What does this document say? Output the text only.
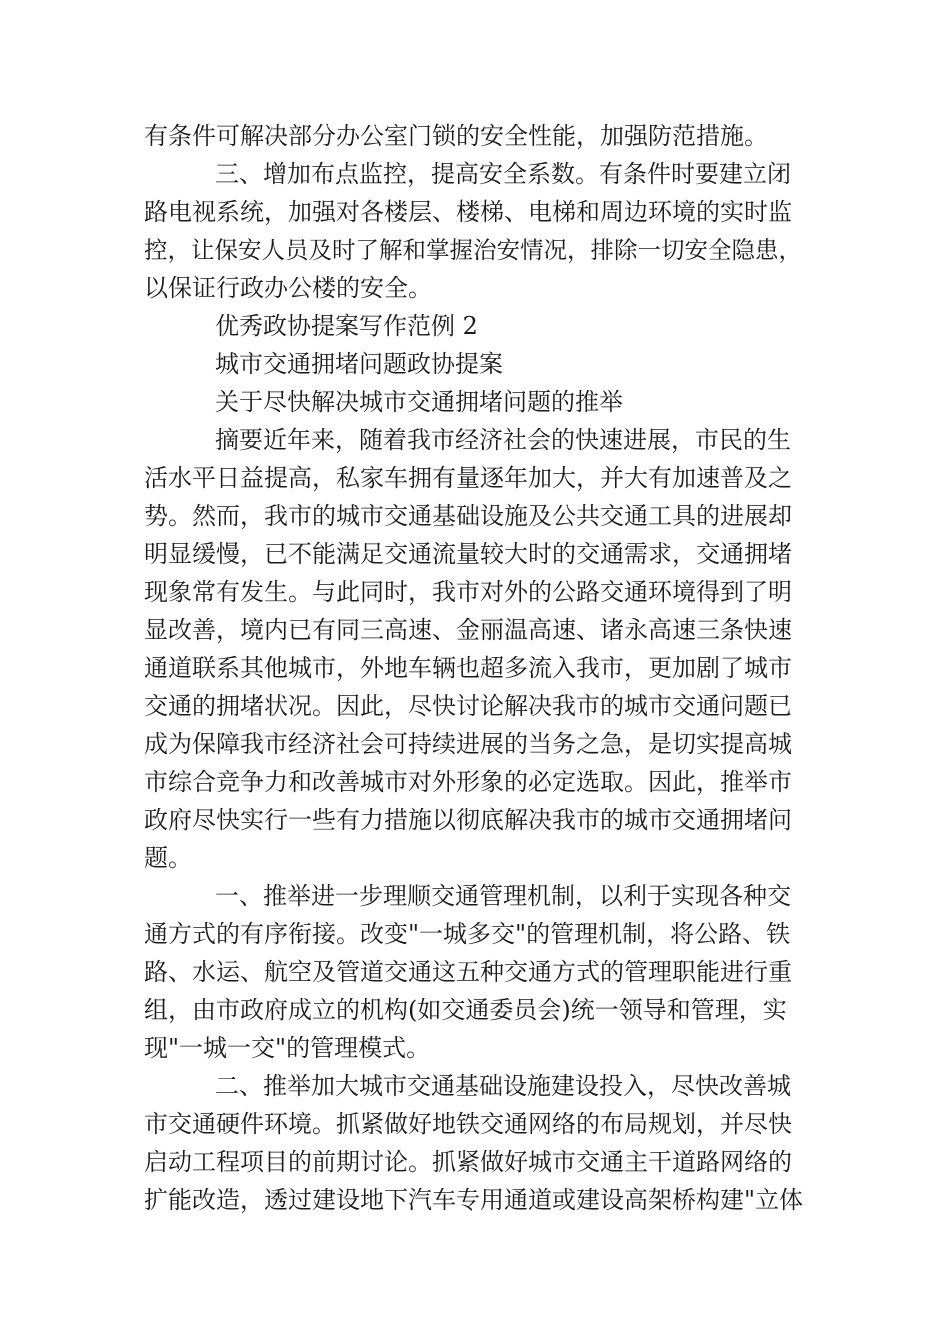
有条件可解决部分办公室门锁的安全性能，加强防范措施。
三、增加布点监控，提高安全系数。有条件时要建立闭
路电视系统，加强对各楼层、楼梯、电梯和周边环境的实时监
控，让保安人员及时了解和掌握治安情况，排除一切安全隐患，
以保证行政办公楼的安全。
优秀政协提案写作范例 2
城市交通拥堵问题政协提案
关于尽快解决城市交通拥堵问题的推举
摘要近年来，随着我市经济社会的快速进展，市民的生
活水平日益提高，私家车拥有量逐年加大，并大有加速普及之
势。然而，我市的城市交通基础设施及公共交通工具的进展却
明显缓慢，已不能满足交通流量较大时的交通需求，交通拥堵
现象常有发生。与此同时，我市对外的公路交通环境得到了明
显改善，境内已有同三高速、金丽温高速、诸永高速三条快速
通道联系其他城市，外地车辆也超多流入我市，更加剧了城市
交通的拥堵状况。因此，尽快讨论解决我市的城市交通问题已
成为保障我市经济社会可持续进展的当务之急，是切实提高城
市综合竞争力和改善城市对外形象的必定选取。因此，推举市
政府尽快实行一些有力措施以彻底解决我市的城市交通拥堵问
题。
一、推举进一步理顺交通管理机制，以利于实现各种交
通方式的有序衔接。改变"一城多交"的管理机制，将公路、铁
路、水运、航空及管道交通这五种交通方式的管理职能进行重
组，由市政府成立的机构(如交通委员会)统一领导和管理，实
现"一城一交"的管理模式。
二、推举加大城市交通基础设施建设投入，尽快改善城
市交通硬件环境。抓紧做好地铁交通网络的布局规划，并尽快
启动工程项目的前期讨论。抓紧做好城市交通主干道路网络的
扩能改造，透过建设地下汽车专用通道或建设高架桥构建"立体
